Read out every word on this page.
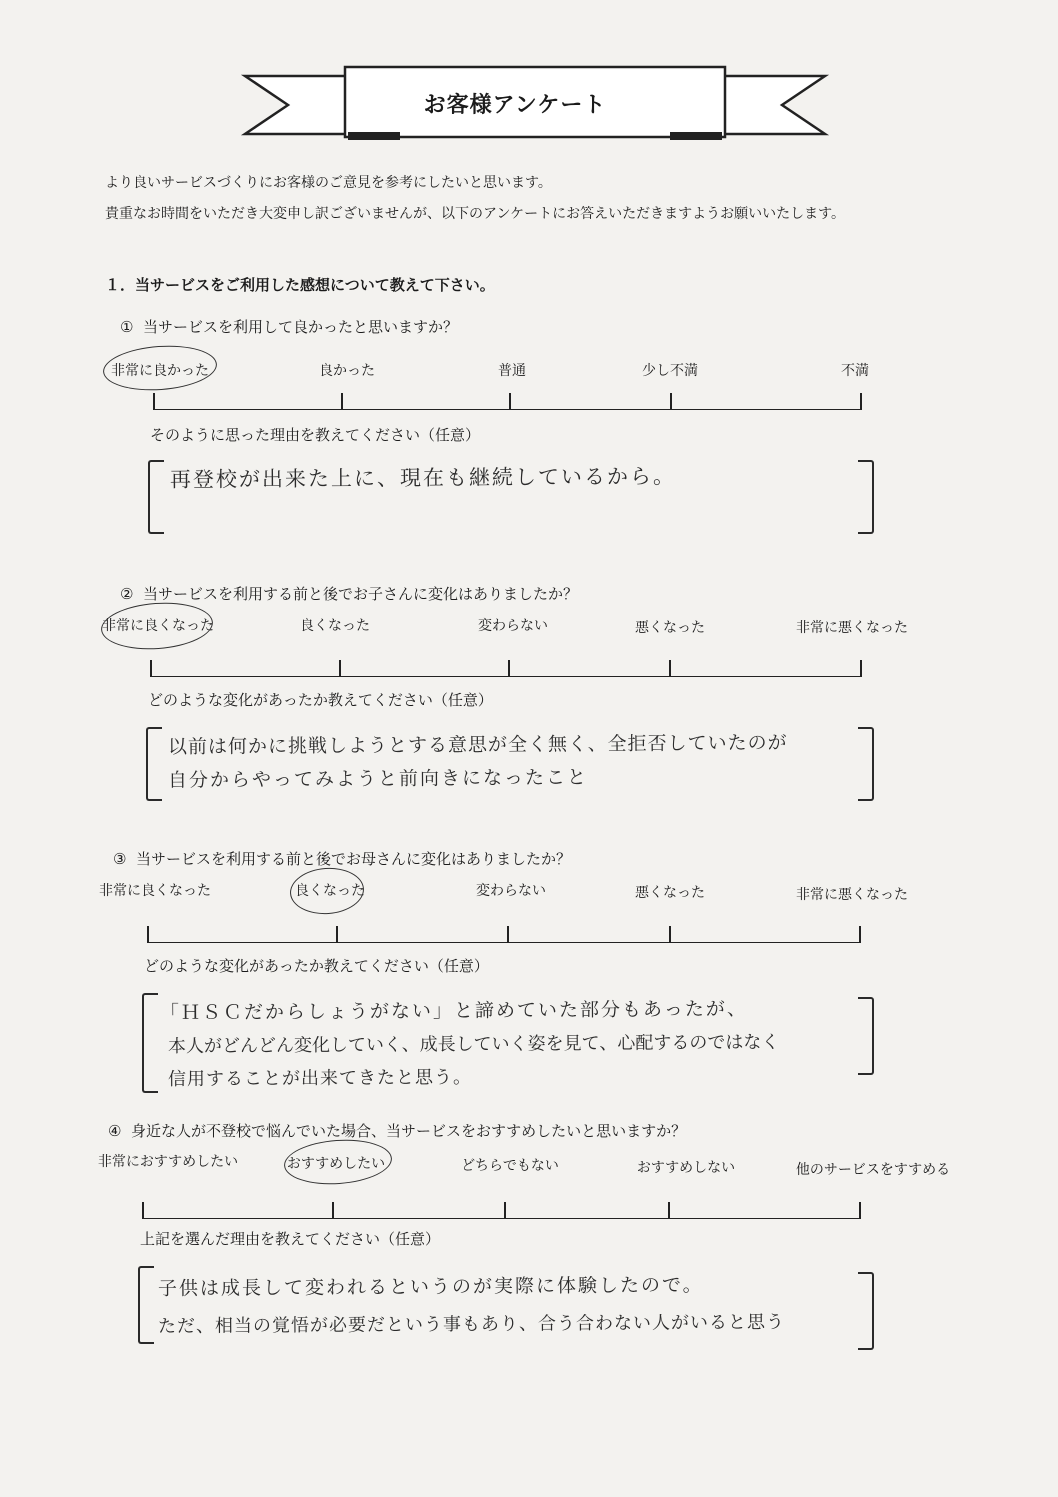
お客様アンケート
より良いサービスづくりにお客様のご意見を参考にしたいと思います。
貴重なお時間をいただき大変申し訳ございませんが、以下のアンケートにお答えいただきますようお願いいたします。
１．当サービスをご利用した感想について教えて下さい。
① 当サービスを利用して良かったと思いますか？
非常に良かった	良かった	普通	少し不満	不満
そのように思った理由を教えてください（任意）
再登校が出来た上に、現在も継続しているから。
② 当サービスを利用する前と後でお子さんに変化はありましたか？
非常に良くなった	良くなった	変わらない	悪くなった	非常に悪くなった
どのような変化があったか教えてください（任意）
以前は何かに挑戦しようとする意思が全く無く、全拒否していたのが
自分からやってみようと前向きになったこと
③ 当サービスを利用する前と後でお母さんに変化はありましたか？
非常に良くなった	良くなった	変わらない	悪くなった	非常に悪くなった
どのような変化があったか教えてください（任意）
「ＨＳＣだからしょうがない」と諦めていた部分もあったが、
本人がどんどん変化していく、成長していく姿を見て、心配するのではなく
信用することが出来てきたと思う。
④ 身近な人が不登校で悩んでいた場合、当サービスをおすすめしたいと思いますか？
非常におすすめしたい	おすすめしたい	どちらでもない	おすすめしない	他のサービスをすすめる
上記を選んだ理由を教えてください（任意）
子供は成長して変われるというのが実際に体験したので。
ただ、相当の覚悟が必要だという事もあり、合う合わない人がいると思う
